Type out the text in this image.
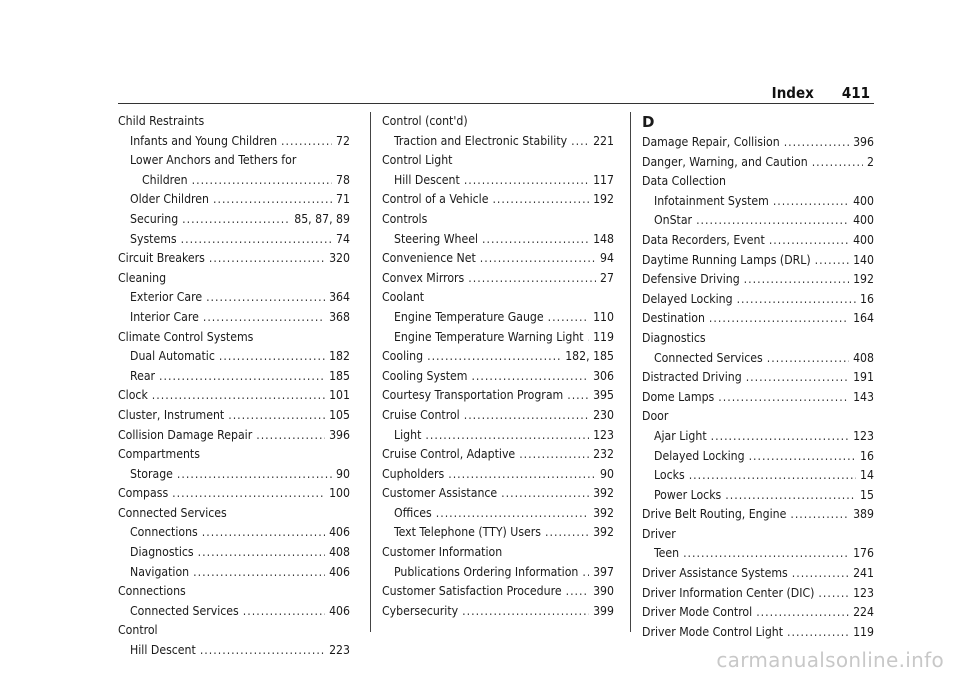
Index 411
Child Restraints
Infants and Young Children .....	72
Lower Anchors and Tethers for
Children .....	78
Older Children .....	71
Securing .....	85, 87, 89
Systems .....	74
Circuit Breakers .....	320
Cleaning
Exterior Care .....	364
Interior Care .....	368
Climate Control Systems
Dual Automatic .....	182
Rear .....	185
Clock .....	101
Cluster, Instrument .....	105
Collision Damage Repair .....	396
Compartments
Storage .....	90
Compass .....	100
Connected Services
Connections .....	406
Diagnostics .....	408
Navigation .....	406
Connections
Connected Services .....	406
Control
Hill Descent .....	223
Control (cont'd)
Traction and Electronic Stability ..... 221
Control Light
Hill Descent .....	117
Control of a Vehicle .....	192
Controls
Steering Wheel .....	148
Convenience Net .....	94
Convex Mirrors .....	27
Coolant
Engine Temperature Gauge .....	110
Engine Temperature Warning Light ..... 119
Cooling .....	182, 185
Cooling System .....	306
Courtesy Transportation Program ..... 395
Cruise Control .....	230
Light .....	123
Cruise Control, Adaptive .....	232
Cupholders .....	90
Customer Assistance .....	392
Offices .....	392
Text Telephone (TTY) Users .....	392
Customer Information
Publications Ordering Information ..... 397
Customer Satisfaction Procedure .....	390
Cybersecurity .....	399
D
Damage Repair, Collision .....	396
Danger, Warning, and Caution .....	2
Data Collection
Infotainment System .....	400
OnStar .....	400
Data Recorders, Event .....	400
Daytime Running Lamps (DRL) .....	140
Defensive Driving .....	192
Delayed Locking .....	16
Destination .....	164
Diagnostics
Connected Services .....	408
Distracted Driving .....	191
Dome Lamps .....	143
Door
Ajar Light .....	123
Delayed Locking .....	16
Locks .....	14
Power Locks .....	15
Drive Belt Routing, Engine .....	389
Driver
Teen .....	176
Driver Assistance Systems .....	241
Driver Information Center (DIC) .....	123
Driver Mode Control .....	224
Driver Mode Control Light .....	119
carmanualsonline.info
